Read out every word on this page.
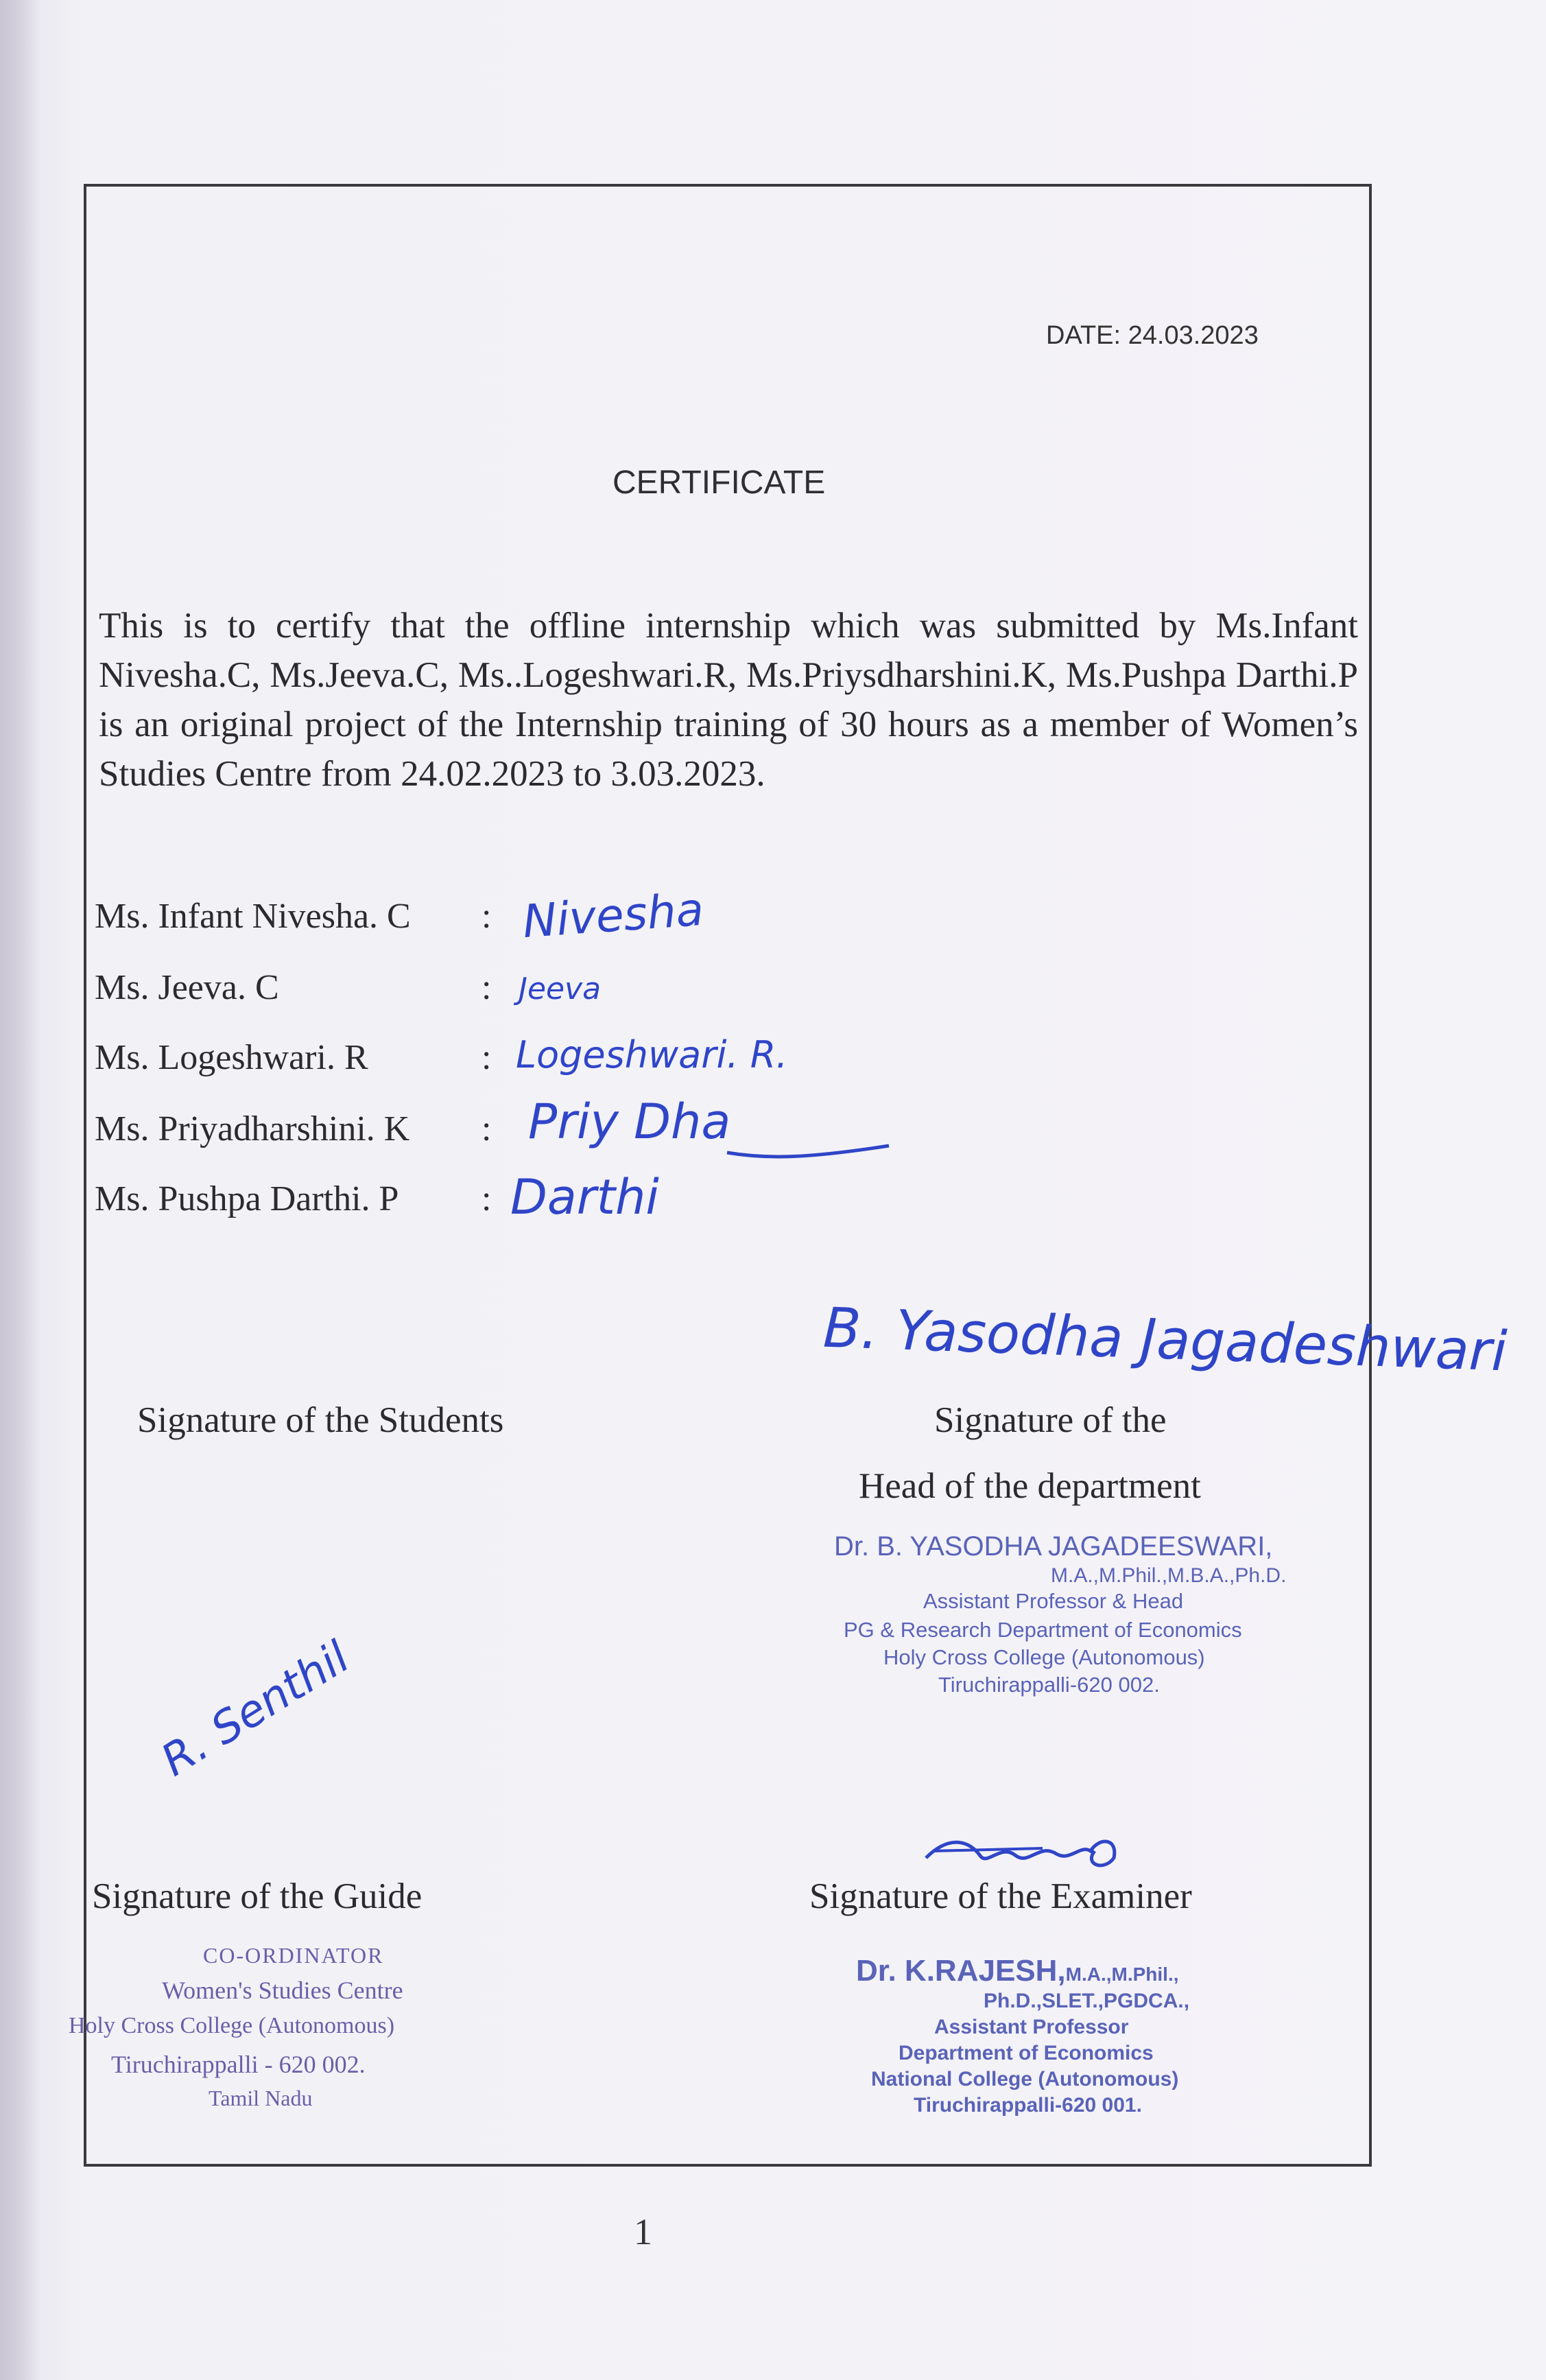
DATE: 24.03.2023
CERTIFICATE

This is to certify that the offline internship which was submitted by Ms.Infant Nivesha.C, Ms.Jeeva.C, Ms..Logeshwari.R, Ms.Priysdharshini.K, Ms.Pushpa Darthi.P is an original project of the Internship training of 30 hours as a member of Women’s Studies Centre from 24.02.2023 to 3.03.2023.

Ms. Infant Nivesha. C : Nivesha
Ms. Jeeva. C	: Jeeva
Ms. Logeshwari. R	: Logeshwari. R.
Ms. Priyadharshini. K : Priy Dha
Ms. Pushpa Darthi. P : Darthi
Signature of the Students
B. Yasodha Jagadeshwari
Signature of the
Head of the department
Dr. B. YASODHA JAGADEESWARI,
M.A.,M.Phil.,M.B.A.,Ph.D.
Assistant Professor & Head
PG & Research Department of Economics
Holy Cross College (Autonomous)
Tiruchirappalli-620 002.
R. Senthil
Signature of the Guide
CO-ORDINATOR
Women's Studies Centre
Holy Cross College (Autonomous)
Tiruchirappalli - 620 002.
Tamil Nadu
Signature of the Examiner
Dr. K.RAJESH,M.A.,M.Phil.,
Ph.D.,SLET.,PGDCA.,
Assistant Professor
Department of Economics
National College (Autonomous)
Tiruchirappalli-620 001.
1
